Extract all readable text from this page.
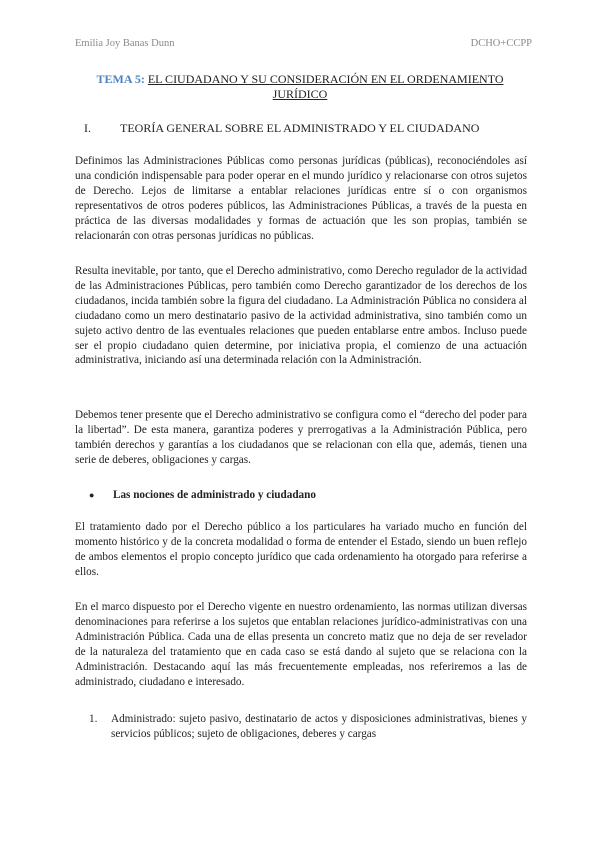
Emilia Joy Banas Dunn	DCHO+CCPP
TEMA 5: EL CIUDADANO Y SU CONSIDERACIÓN EN EL ORDENAMIENTO JURÍDICO
I. TEORÍA GENERAL SOBRE EL ADMINISTRADO Y EL CIUDADANO

Definimos las Administraciones Públicas como personas jurídicas (públicas), reconociéndoles así una condición indispensable para poder operar en el mundo jurídico y relacionarse con otros sujetos de Derecho. Lejos de limitarse a entablar relaciones jurídicas entre sí o con organismos representativos de otros poderes públicos, las Administraciones Públicas, a través de la puesta en práctica de las diversas modalidades y formas de actuación que les son propias, también se relacionarán con otras personas jurídicas no públicas.

Resulta inevitable, por tanto, que el Derecho administrativo, como Derecho regulador de la actividad de las Administraciones Públicas, pero también como Derecho garantizador de los derechos de los ciudadanos, incida también sobre la figura del ciudadano. La Administración Pública no considera al ciudadano como un mero destinatario pasivo de la actividad administrativa, sino también como un sujeto activo dentro de las eventuales relaciones que pueden entablarse entre ambos. Incluso puede ser el propio ciudadano quien determine, por iniciativa propia, el comienzo de una actuación administrativa, iniciando así una determinada relación con la Administración.

Debemos tener presente que el Derecho administrativo se configura como el “derecho del poder para la libertad”. De esta manera, garantiza poderes y prerrogativas a la Administración Pública, pero también derechos y garantías a los ciudadanos que se relacionan con ella que, además, tienen una serie de deberes, obligaciones y cargas.

● Las nociones de administrado y ciudadano

El tratamiento dado por el Derecho público a los particulares ha variado mucho en función del momento histórico y de la concreta modalidad o forma de entender el Estado, siendo un buen reflejo de ambos elementos el propio concepto jurídico que cada ordenamiento ha otorgado para referirse a ellos.

En el marco dispuesto por el Derecho vigente en nuestro ordenamiento, las normas utilizan diversas denominaciones para referirse a los sujetos que entablan relaciones jurídico-administrativas con una Administración Pública. Cada una de ellas presenta un concreto matiz que no deja de ser revelador de la naturaleza del tratamiento que en cada caso se está dando al sujeto que se relaciona con la Administración. Destacando aquí las más frecuentemente empleadas, nos referiremos a las de administrado, ciudadano e interesado.

1. Administrado: sujeto pasivo, destinatario de actos y disposiciones administrativas, bienes y servicios públicos; sujeto de obligaciones, deberes y cargas
